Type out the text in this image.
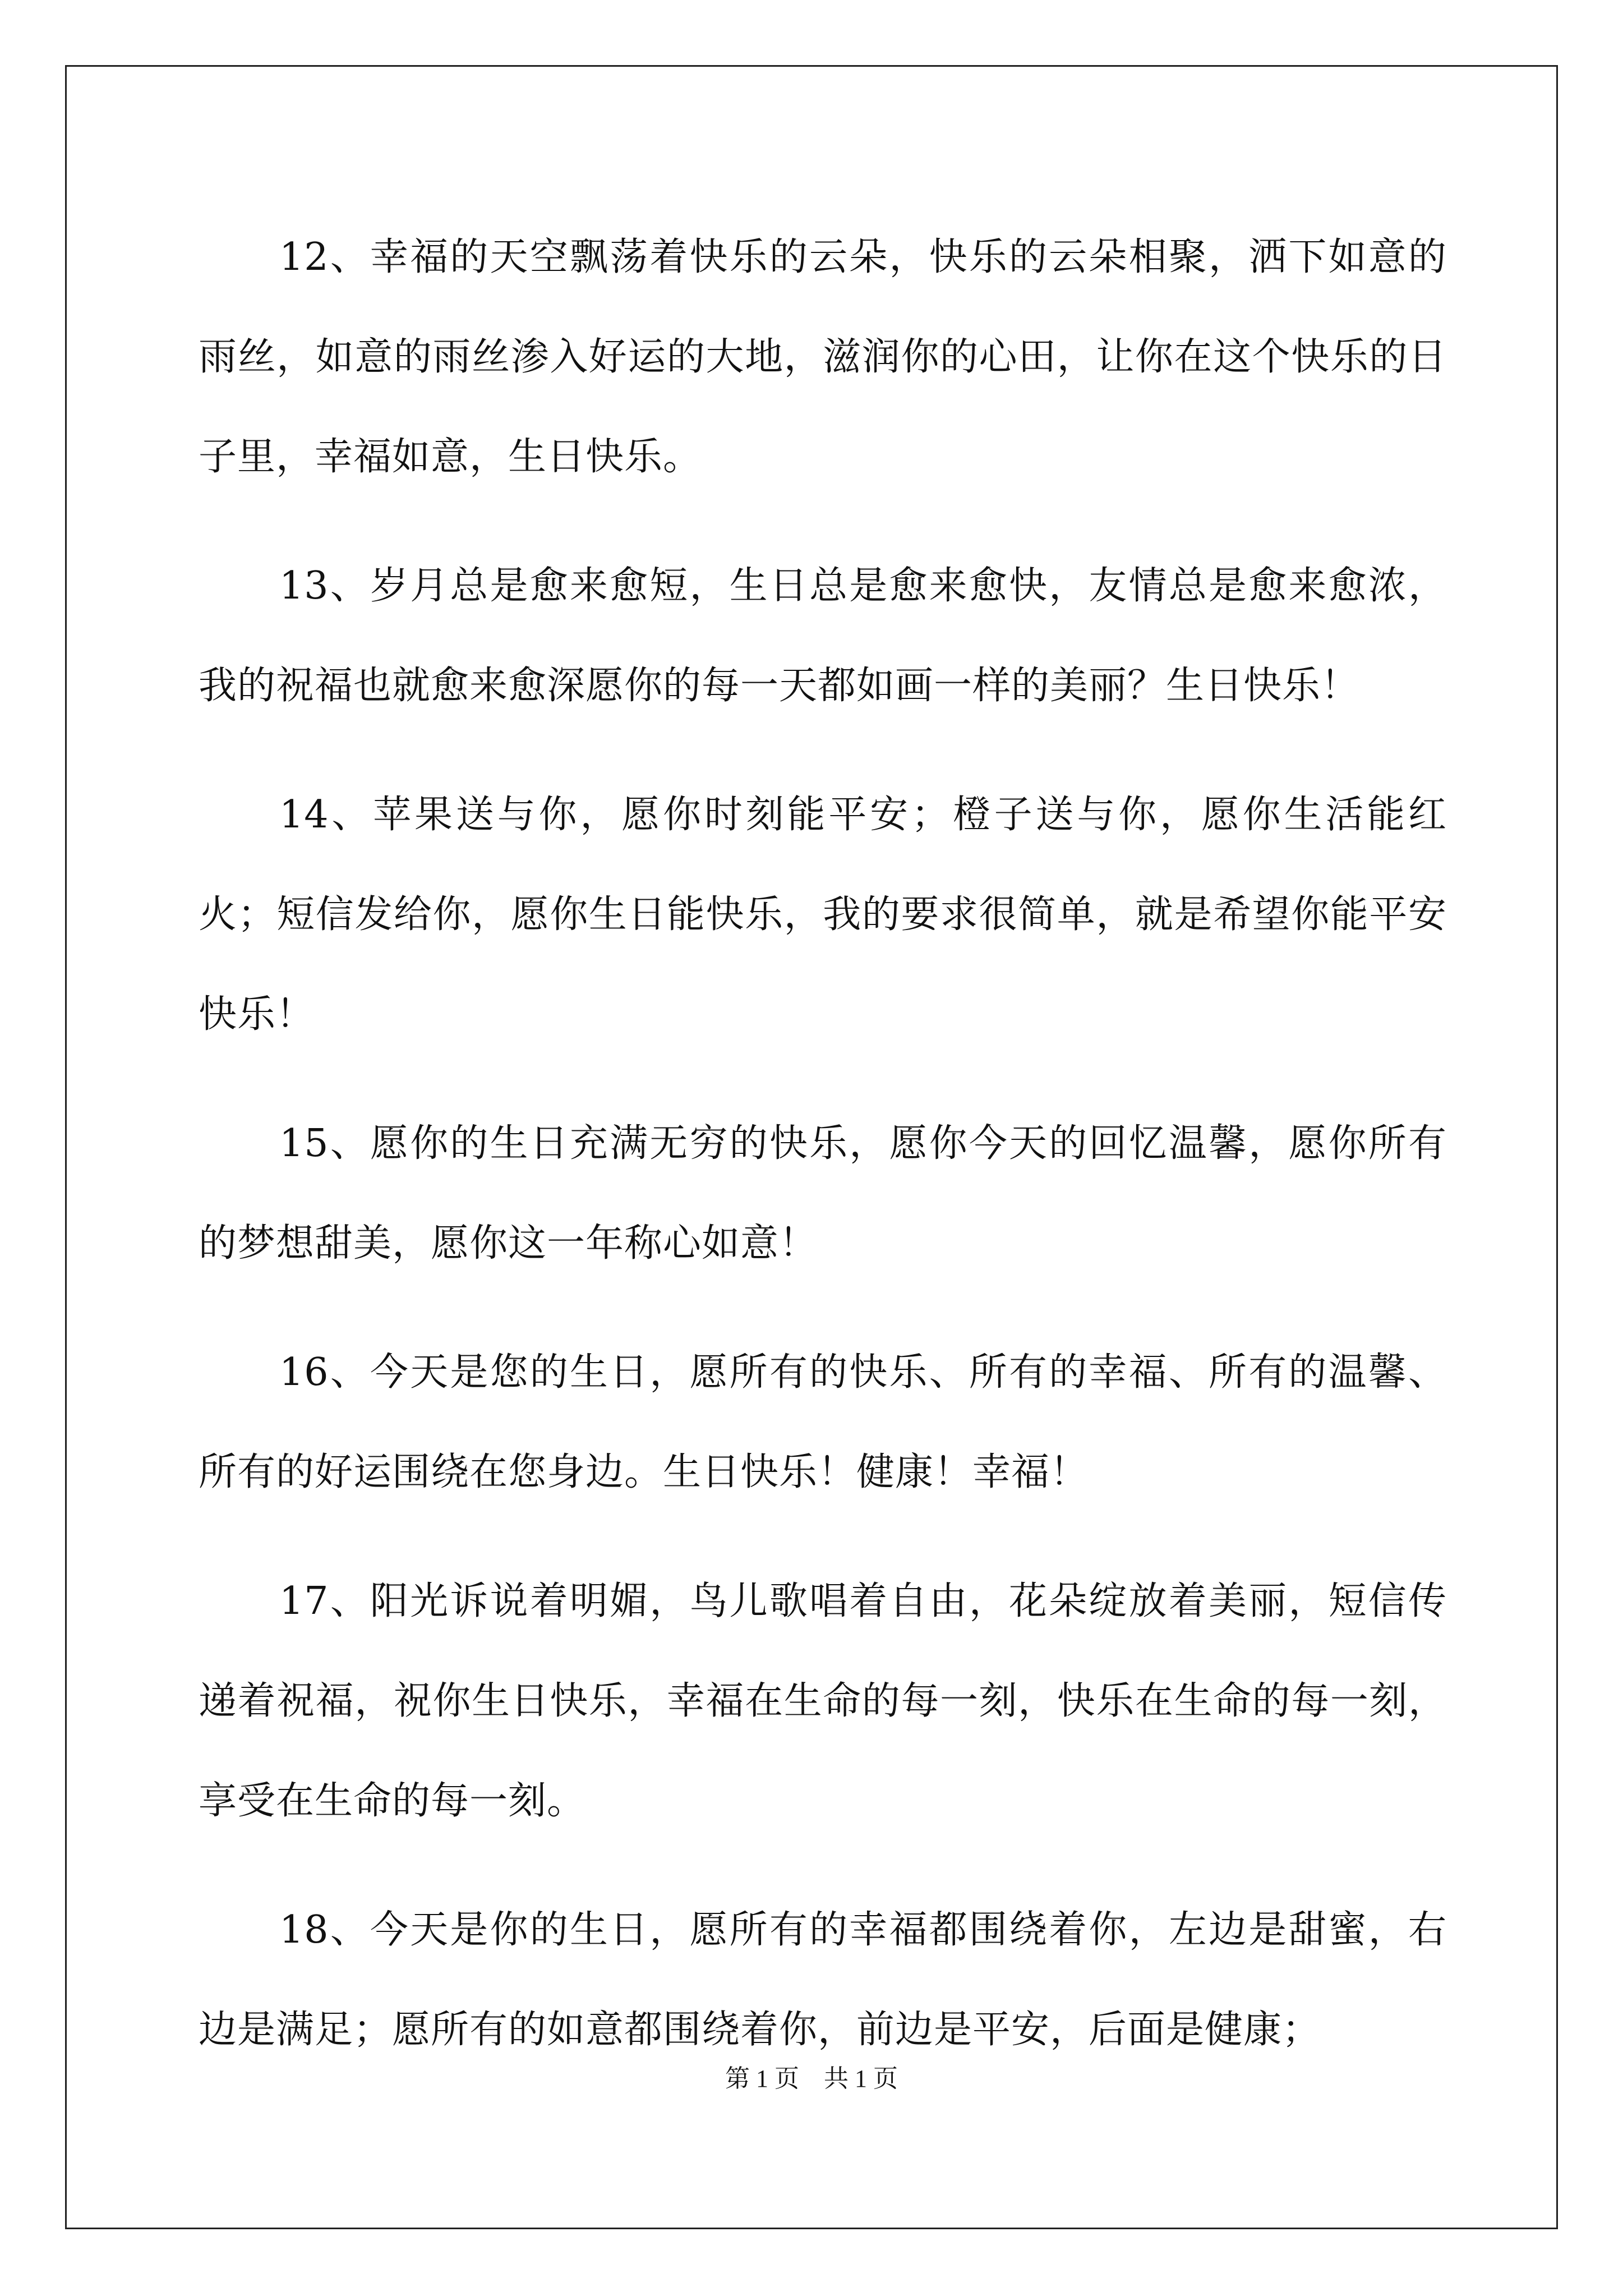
12、幸福的天空飘荡着快乐的云朵，快乐的云朵相聚，洒下如意的雨丝，如意的雨丝渗入好运的大地，滋润你的心田，让你在这个快乐的日子里，幸福如意，生日快乐。

13、岁月总是愈来愈短，生日总是愈来愈快，友情总是愈来愈浓，我的祝福也就愈来愈深愿你的每一天都如画一样的美丽？生日快乐！

14、苹果送与你，愿你时刻能平安；橙子送与你，愿你生活能红火；短信发给你，愿你生日能快乐，我的要求很简单，就是希望你能平安快乐！

15、愿你的生日充满无穷的快乐，愿你今天的回忆温馨，愿你所有的梦想甜美，愿你这一年称心如意！

16、今天是您的生日，愿所有的快乐、所有的幸福、所有的温馨、所有的好运围绕在您身边。生日快乐！健康！幸福！

17、阳光诉说着明媚，鸟儿歌唱着自由，花朵绽放着美丽，短信传递着祝福，祝你生日快乐，幸福在生命的每一刻，快乐在生命的每一刻，享受在生命的每一刻。

18、今天是你的生日，愿所有的幸福都围绕着你，左边是甜蜜，右边是满足；愿所有的如意都围绕着你，前边是平安，后面是健康；

第 1 页　共 1 页
